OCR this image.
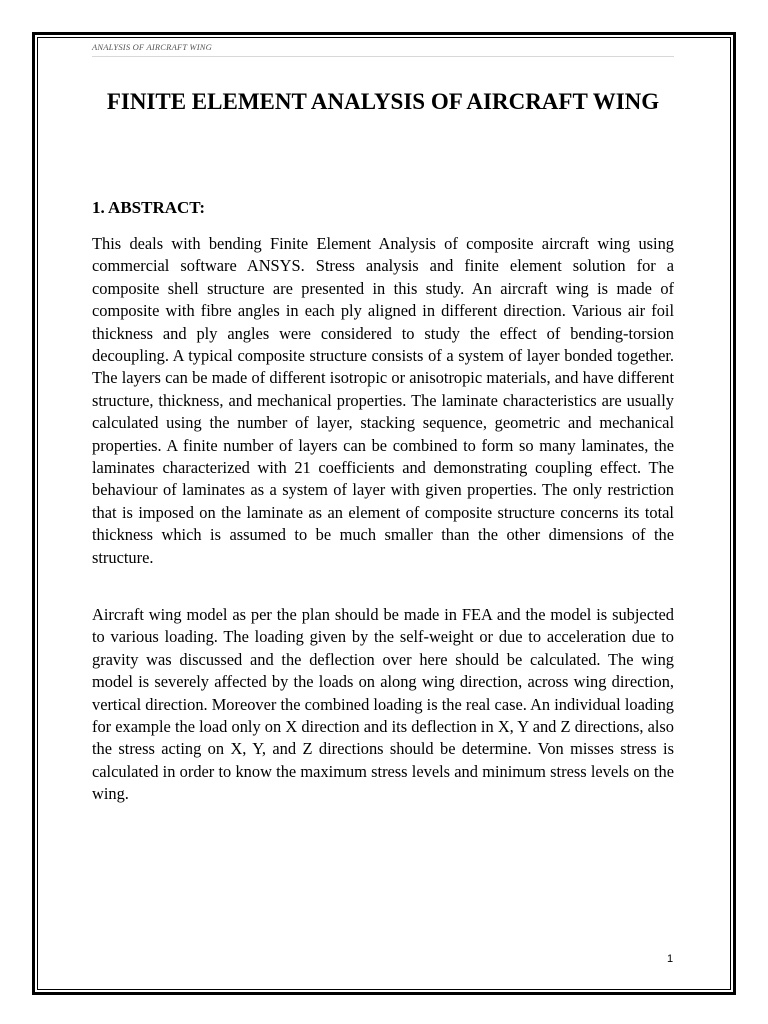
ANALYSIS OF AIRCRAFT WING
FINITE ELEMENT ANALYSIS OF AIRCRAFT WING
1. ABSTRACT:

This deals with bending Finite Element Analysis of composite aircraft wing using commercial software ANSYS. Stress analysis and finite element solution for a composite shell structure are presented in this study. An aircraft wing is made of composite with fibre angles in each ply aligned in different direction. Various air foil thickness and ply angles were considered to study the effect of bending-torsion decoupling. A typical composite structure consists of a system of layer bonded together. The layers can be made of different isotropic or anisotropic materials, and have different structure, thickness, and mechanical properties. The laminate characteristics are usually calculated using the number of layer, stacking sequence, geometric and mechanical properties. A finite number of layers can be combined to form so many laminates, the laminates characterized with 21 coefficients and demonstrating coupling effect. The behaviour of laminates as a system of layer with given properties. The only restriction that is imposed on the laminate as an element of composite structure concerns its total thickness which is assumed to be much smaller than the other dimensions of the structure.

Aircraft wing model as per the plan should be made in FEA and the model is subjected to various loading. The loading given by the self-weight or due to acceleration due to gravity was discussed and the deflection over here should be calculated. The wing model is severely affected by the loads on along wing direction, across wing direction, vertical direction. Moreover the combined loading is the real case. An individual loading for example the load only on X direction and its deflection in X, Y and Z directions, also the stress acting on X, Y, and Z directions should be determine. Von misses stress is calculated in order to know the maximum stress levels and minimum stress levels on the wing.

1
